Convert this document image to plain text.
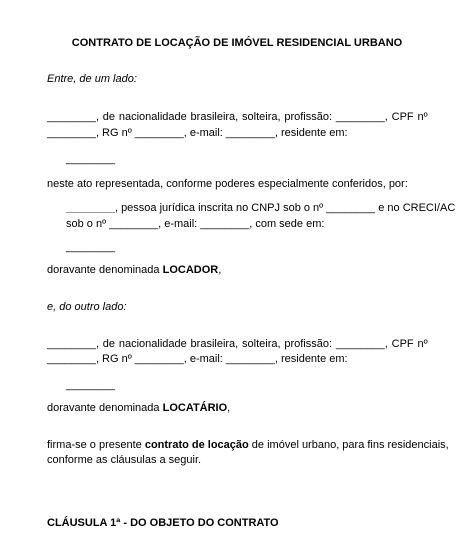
CONTRATO DE LOCAÇÃO DE IMÓVEL RESIDENCIAL URBANO
Entre, de um lado:
________, de nacionalidade brasileira, solteira, profissão: ________, CPF nº
________, RG nº ________, e-mail: ________, residente em:
________
neste ato representada, conforme poderes especialmente conferidos, por:
________, pessoa jurídica inscrita no CNPJ sob o nº ________ e no CRECI/AC
sob o nº ________, e-mail: ________, com sede em:
________
doravante denominada LOCADOR,
e, do outro lado:
________, de nacionalidade brasileira, solteira, profissão: ________, CPF nº
________, RG nº ________, e-mail: ________, residente em:
________
doravante denominada LOCATÁRIO,
firma-se o presente contrato de locação de imóvel urbano, para fins residenciais,
conforme as cláusulas a seguir.
CLÁUSULA 1ª - DO OBJETO DO CONTRATO
